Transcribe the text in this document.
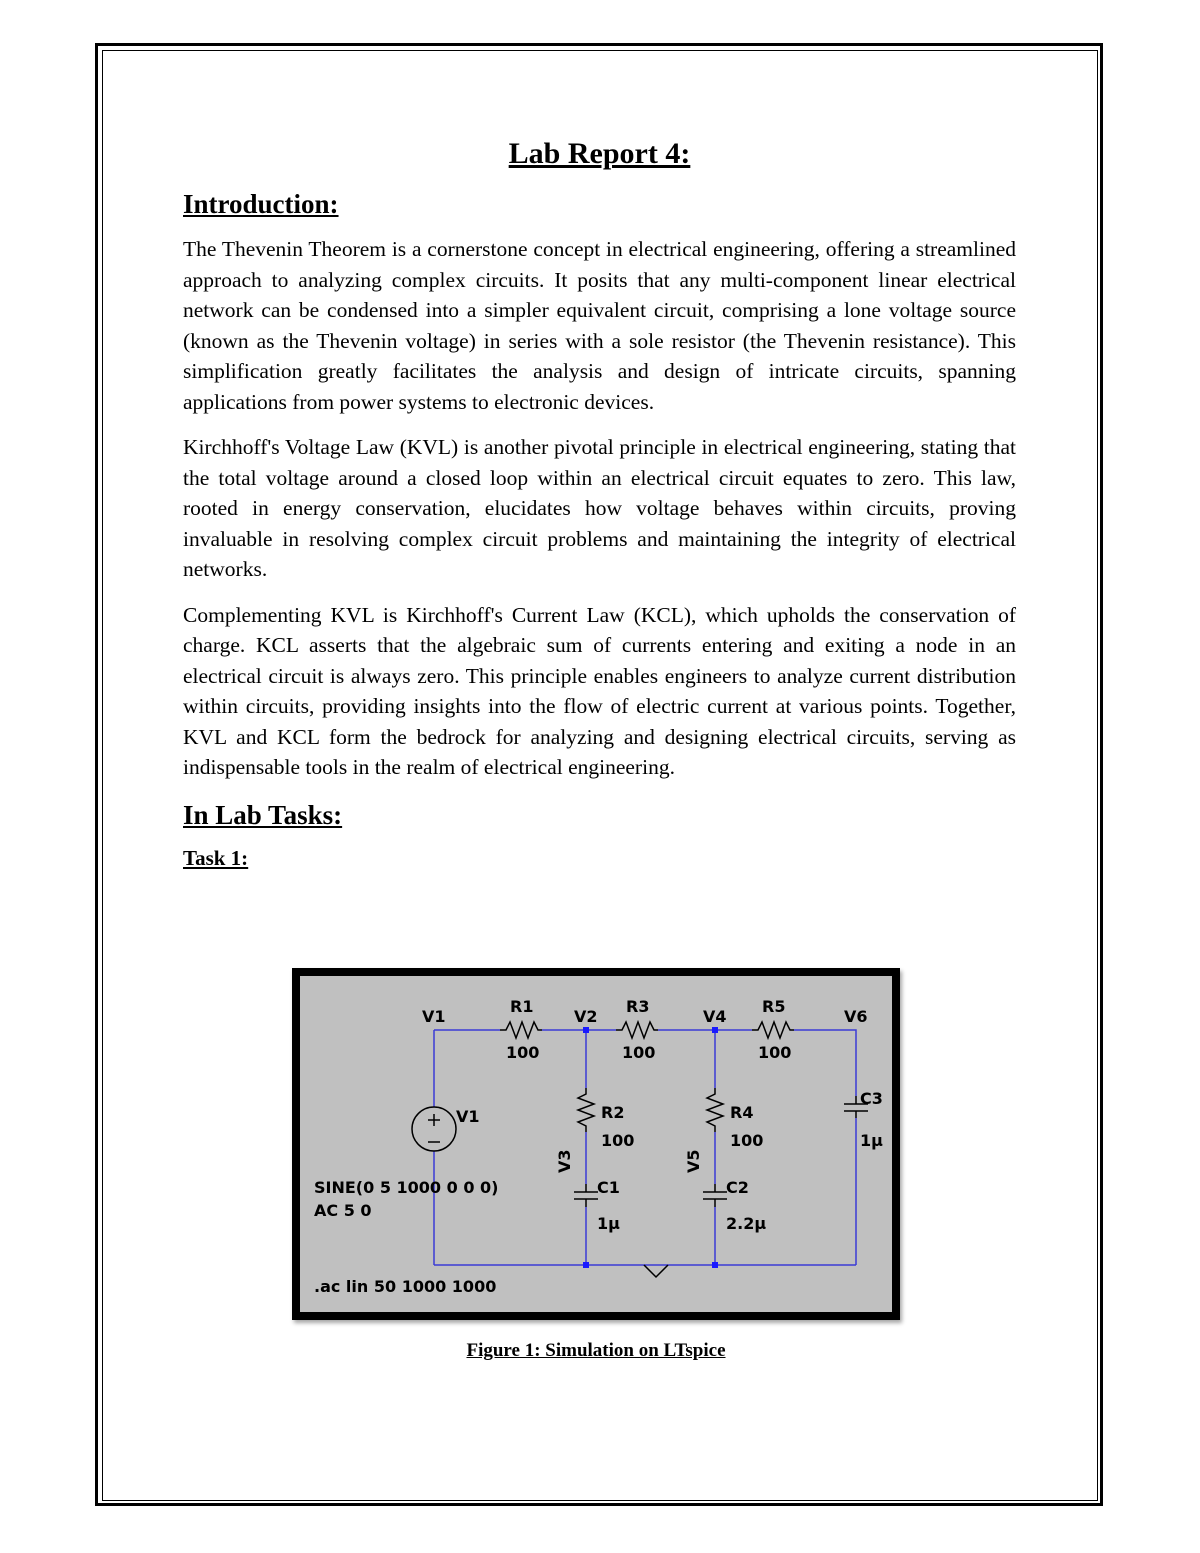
Lab Report 4:
Introduction:

The Thevenin Theorem is a cornerstone concept in electrical engineering, offering a streamlined approach to analyzing complex circuits. It posits that any multi-component linear electrical network can be condensed into a simpler equivalent circuit, comprising a lone voltage source (known as the Thevenin voltage) in series with a sole resistor (the Thevenin resistance). This simplification greatly facilitates the analysis and design of intricate circuits, spanning applications from power systems to electronic devices.

Kirchhoff's Voltage Law (KVL) is another pivotal principle in electrical engineering, stating that the total voltage around a closed loop within an electrical circuit equates to zero. This law, rooted in energy conservation, elucidates how voltage behaves within circuits, proving invaluable in resolving complex circuit problems and maintaining the integrity of electrical networks.

Complementing KVL is Kirchhoff's Current Law (KCL), which upholds the conservation of charge. KCL asserts that the algebraic sum of currents entering and exiting a node in an electrical circuit is always zero. This principle enables engineers to analyze current distribution within circuits, providing insights into the flow of electric current at various points. Together, KVL and KCL form the bedrock for analyzing and designing electrical circuits, serving as indispensable tools in the realm of electrical engineering.

In Lab Tasks:
Task 1:
V1	V2	V4	V6
R1
100
R3
100
R5
100
R2
100
R4
100
C1
1μ
C2
2.2μ
C3
1μ
V3	V5
V1
SINE(0 5 1000 0 0 0)
AC 5 0
.ac lin 50 1000 1000
Figure 1: Simulation on LTspice
